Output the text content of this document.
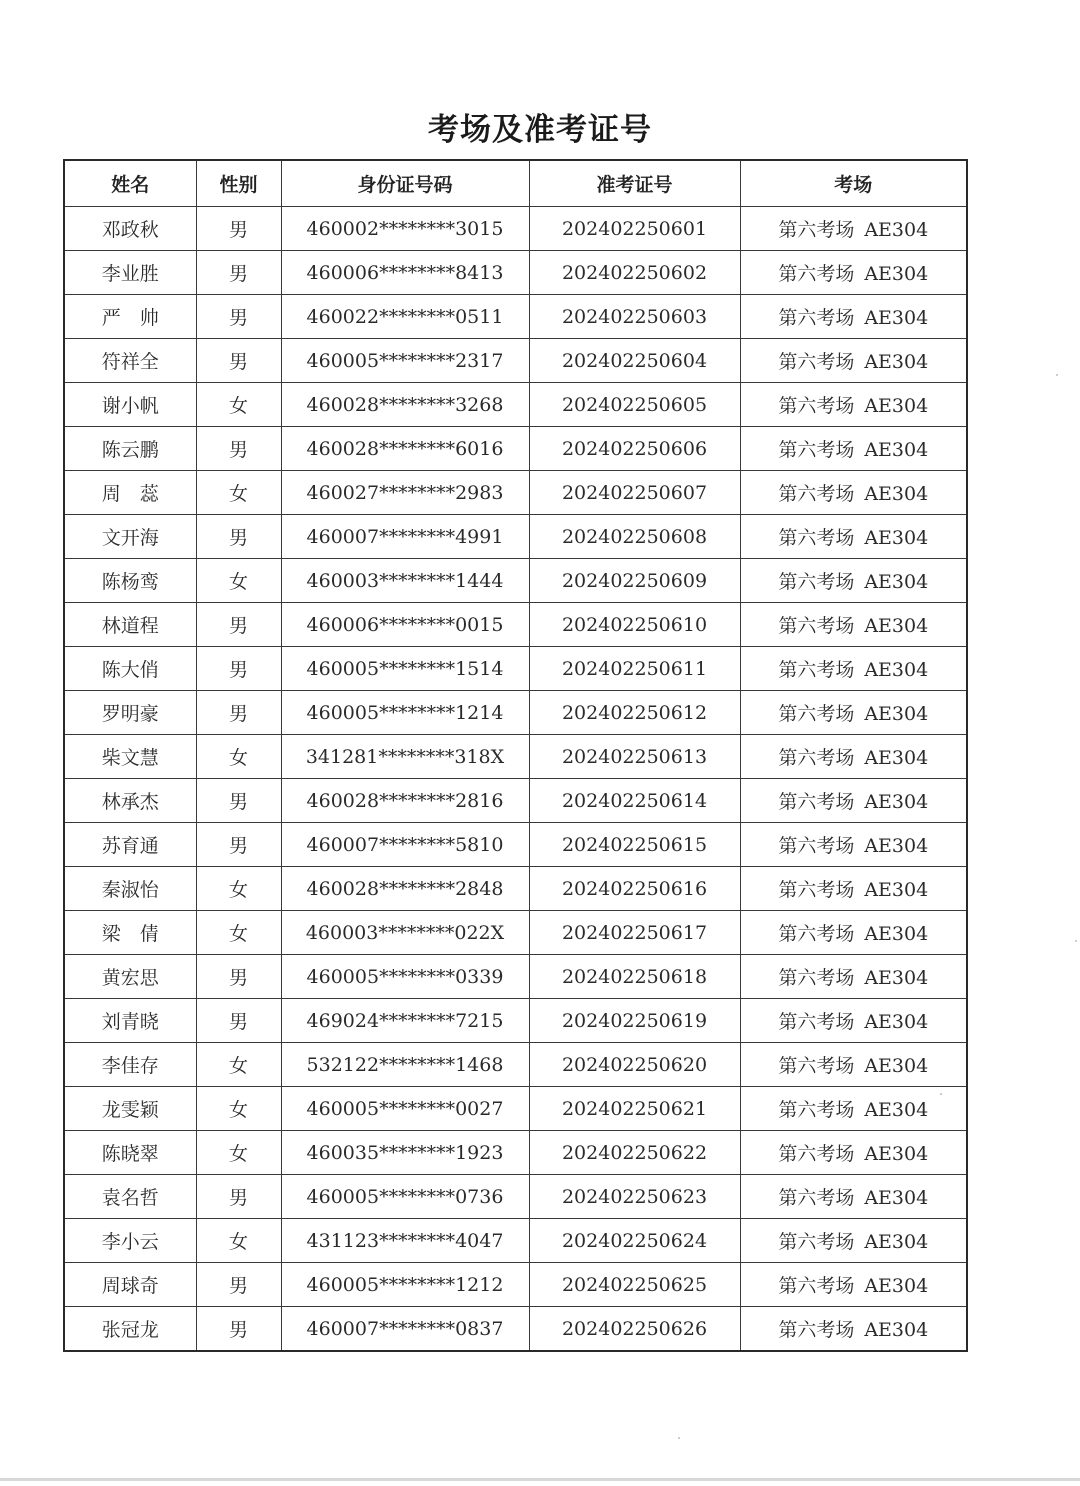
考场及准考证号
姓名	性别	身份证号码	准考证号	考场
邓政秋	男	460002********3015	202402250601	第六考场 AE304
李业胜	男	460006********8413	202402250602	第六考场 AE304
严　帅	男	460022********0511	202402250603	第六考场 AE304
符祥全	男	460005********2317	202402250604	第六考场 AE304
谢小帆	女	460028********3268	202402250605	第六考场 AE304
陈云鹏	男	460028********6016	202402250606	第六考场 AE304
周　蕊	女	460027********2983	202402250607	第六考场 AE304
文开海	男	460007********4991	202402250608	第六考场 AE304
陈杨鸾	女	460003********1444	202402250609	第六考场 AE304
林道程	男	460006********0015	202402250610	第六考场 AE304
陈大俏	男	460005********1514	202402250611	第六考场 AE304
罗明豪	男	460005********1214	202402250612	第六考场 AE304
柴文慧	女	341281********318X	202402250613	第六考场 AE304
林承杰	男	460028********2816	202402250614	第六考场 AE304
苏育通	男	460007********5810	202402250615	第六考场 AE304
秦淑怡	女	460028********2848	202402250616	第六考场 AE304
梁　倩	女	460003********022X	202402250617	第六考场 AE304
黄宏思	男	460005********0339	202402250618	第六考场 AE304
刘青晓	男	469024********7215	202402250619	第六考场 AE304
李佳存	女	532122********1468	202402250620	第六考场 AE304
龙雯颖	女	460005********0027	202402250621	第六考场 AE304
陈晓翠	女	460035********1923	202402250622	第六考场 AE304
袁名哲	男	460005********0736	202402250623	第六考场 AE304
李小云	女	431123********4047	202402250624	第六考场 AE304
周球奇	男	460005********1212	202402250625	第六考场 AE304
张冠龙	男	460007********0837	202402250626	第六考场 AE304
